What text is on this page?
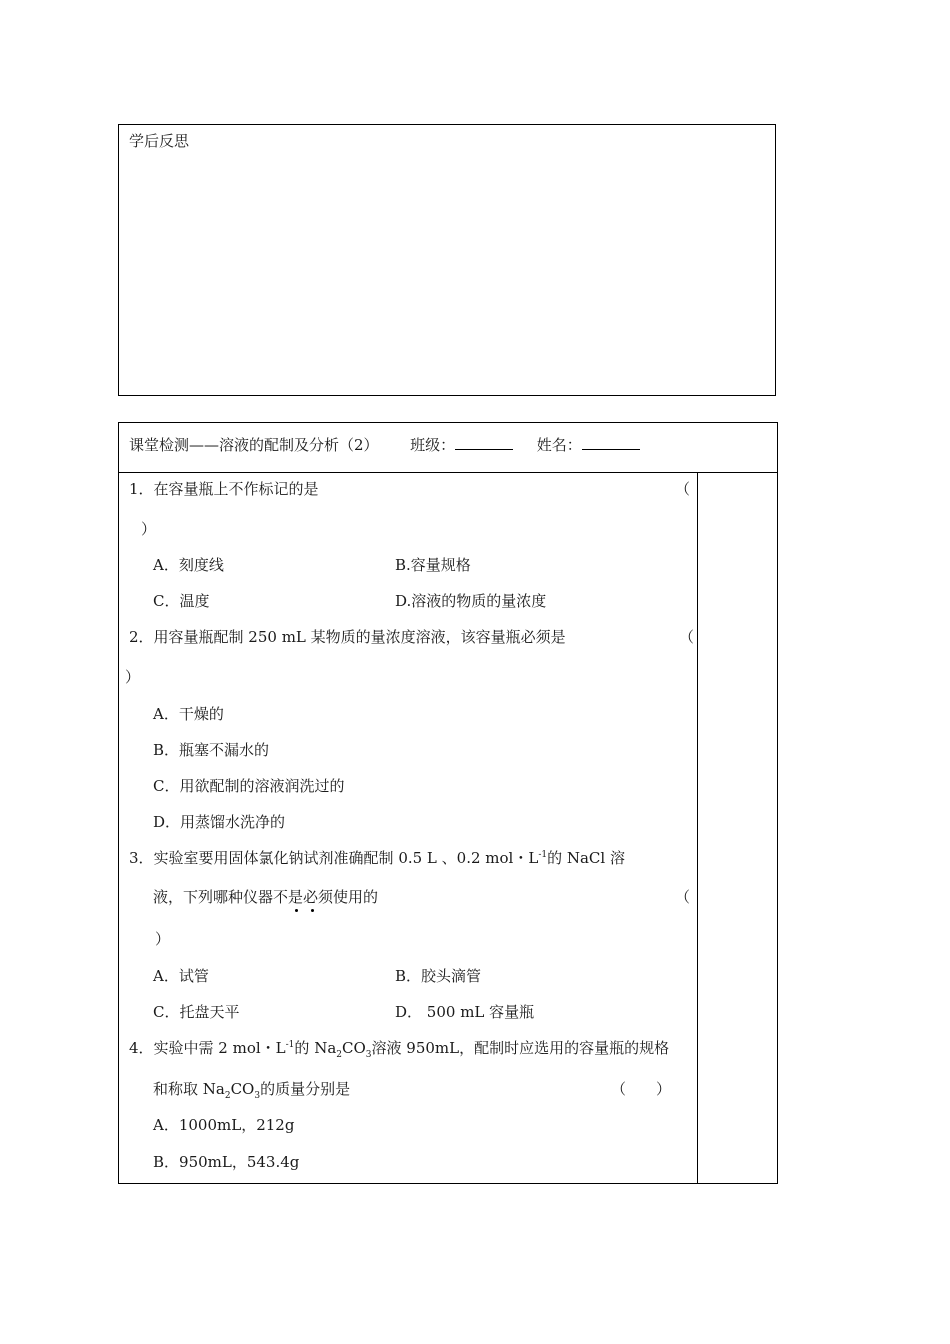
学后反思
课堂检测——溶液的配制及分析（2） 班级：	姓名：
1．在容量瓶上不作标记的是	（
）
A．刻度线	B.容量规格
C．温度	D.溶液的物质的量浓度
2．用容量瓶配制 250 mL 某物质的量浓度溶液，该容量瓶必须是	（
）
A．干燥的
B．瓶塞不漏水的
C．用欲配制的溶液润洗过的
D．用蒸馏水洗净的
3．实验室要用固体氯化钠试剂准确配制 0.5 L 、0.2 mol・$L^{-1}$的 NaCl 溶
液，下列哪种仪器不是必须使用的	（
）
A．试管	B．胶头滴管
C．托盘天平	D． 500 mL 容量瓶
4．实验中需 2 mol・$L^{-1}$的 $Na_2CO_3$溶液 950mL，配制时应选用的容量瓶的规格
和称取 $Na_2CO_3$的质量分别是	（　　）
A．1000mL，212g
B．950mL，543.4g
